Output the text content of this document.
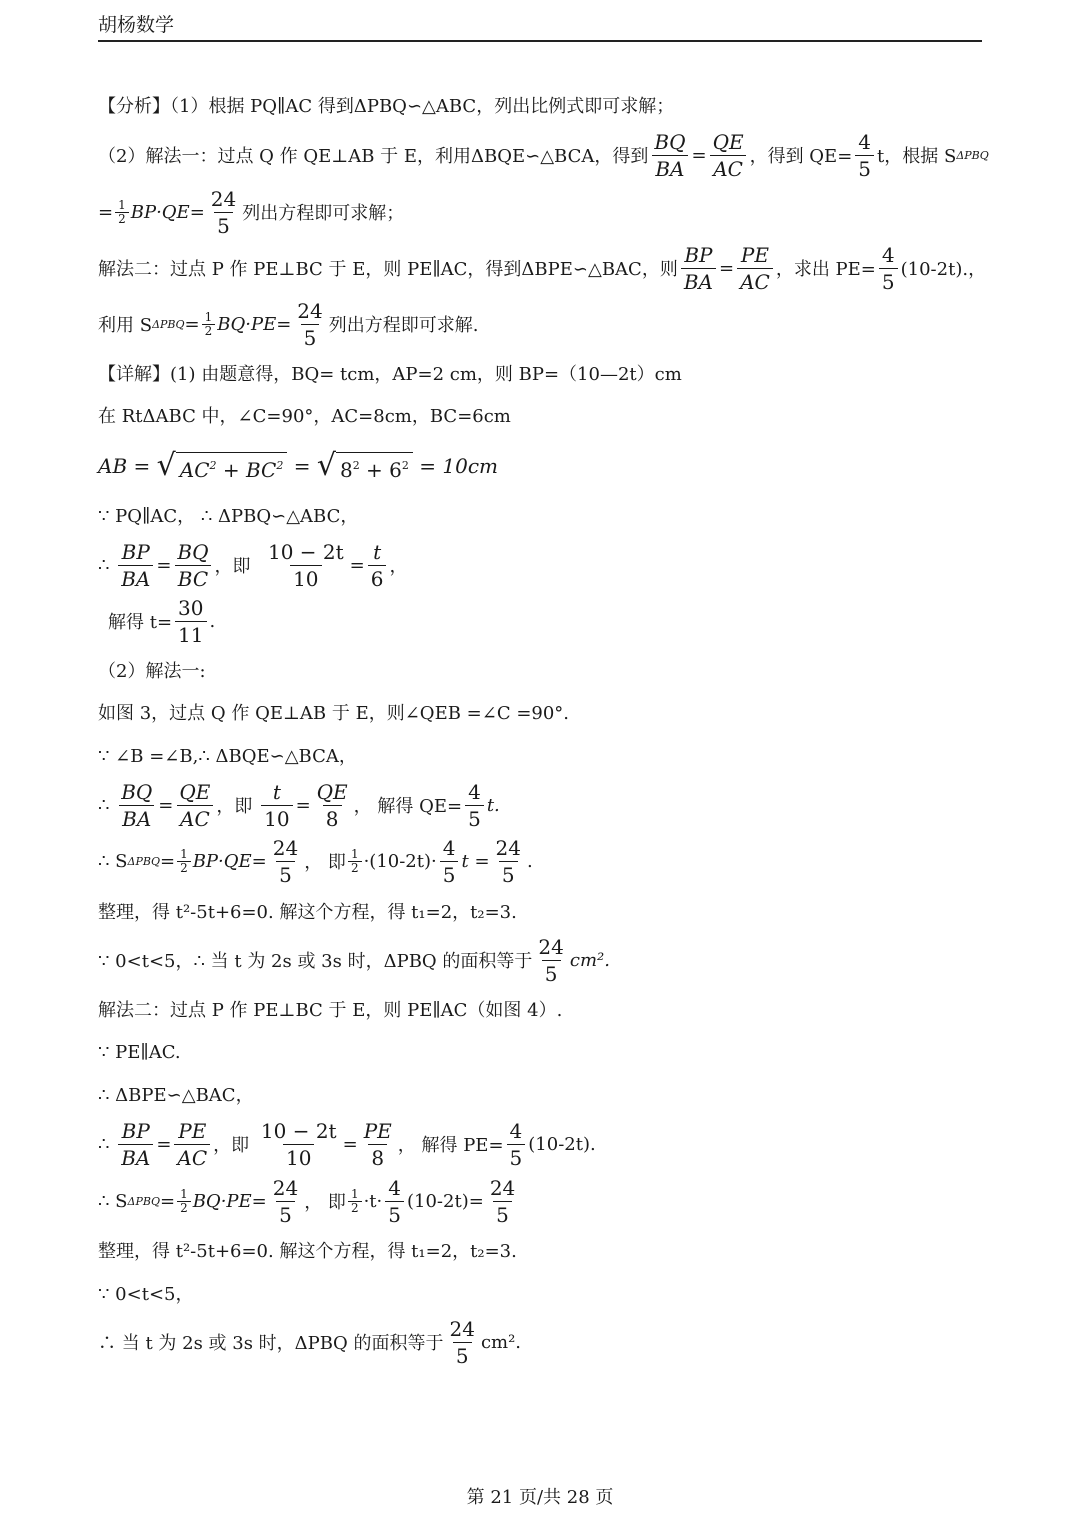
胡杨数学
【分析】（1）根据 PQ∥AC 得到ΔPBQ∽△ABC，列出比例式即可求解；
（2）解法一：过点 Q 作 QE⊥AB 于 E，利用ΔBQE∽△BCA，得到 $\frac{BQ}{BA} = \frac{QE}{AC}$ ，得到 $QE= \frac{4}{5}$ t，根据 S ΔPBQ
= $\frac{1}{2} BP\cdot QE= \frac{24}{5}$ 列出方程即可求解；
解法二：过点 P 作 PE⊥BC 于 E，则 PE∥AC，得到ΔBPE∽△BAC，则 $\frac{BP}{BA} = \frac{PE}{AC}$ ，求出 $PE= \frac{4}{5} (10-2t)$.，
利用 S $\Delta PBQ = \frac{1}{2} BQ\cdot PE= \frac{24}{5}$ 列出方程即可求解.
【详解】(1) 由题意得，BQ= tcm，AP=2 cm，则 BP=（10—2t）cm
在 RtΔABC 中，∠C=90°，AC=8cm，BC=6cm
AB =
√ $AC^2 + BC^2$
=
√ $8^2 + 6^2$
= 10cm
∵ PQ∥AC， ∴ ΔPBQ∽△ABC，
∴
$\frac{BP}{BA} = \frac{BQ}{BC}$ ，即
$\frac{10 - 2t}{10} = \frac{t}{6}$ ，
解得 $t= \frac{30}{11}$ .
（2）解法一:
如图 3，过点 Q 作 QE⊥AB 于 E，则∠QEB =∠C =90°.
∵ ∠B =∠B,∴ ΔBQE∽△BCA，
∴
$\frac{BQ}{BA} = \frac{QE}{AC}$ ，即
$\frac{t}{10} = \frac{QE}{8}$ ， 解得 $QE= \frac{4}{5} t$.
∴ S $\Delta PBQ = \frac{1}{2} BP\cdot QE= \frac{24}{5}$ ， 即 $\frac{1}{2} \cdot(10-2t)\cdot \frac{4}{5}$ $t = \frac{24}{5}$ .
整理，得 t²-5t+6=0. 解这个方程，得 t₁=2，t₂=3.
∵ 0<t<5，∴ 当 t 为 2s 或 3s 时，ΔPBQ 的面积等于 $\frac{24}{5} cm^2$.
解法二：过点 P 作 PE⊥BC 于 E，则 PE∥AC（如图 4）.
∵ PE∥AC.
∴ ΔBPE∽△BAC，
∴
$\frac{BP}{BA} = \frac{PE}{AC}$ ，即
$\frac{10 - 2t}{10} = \frac{PE}{8}$ ， 解得 $PE= \frac{4}{5} (10-2t)$.
∴ S $\Delta PBQ = \frac{1}{2} BQ\cdot PE= \frac{24}{5}$ ， 即 $\frac{1}{2} \cdot t\cdot \frac{4}{5} (10-2t)= \frac{24}{5}$
整理，得 t²-5t+6=0. 解这个方程，得 t₁=2，t₂=3.
∵ 0<t<5，
∴ 当 t 为 2s 或 3s 时，ΔPBQ 的面积等于 $\frac{24}{5} cm^2$.
第 21 页/共 28 页
